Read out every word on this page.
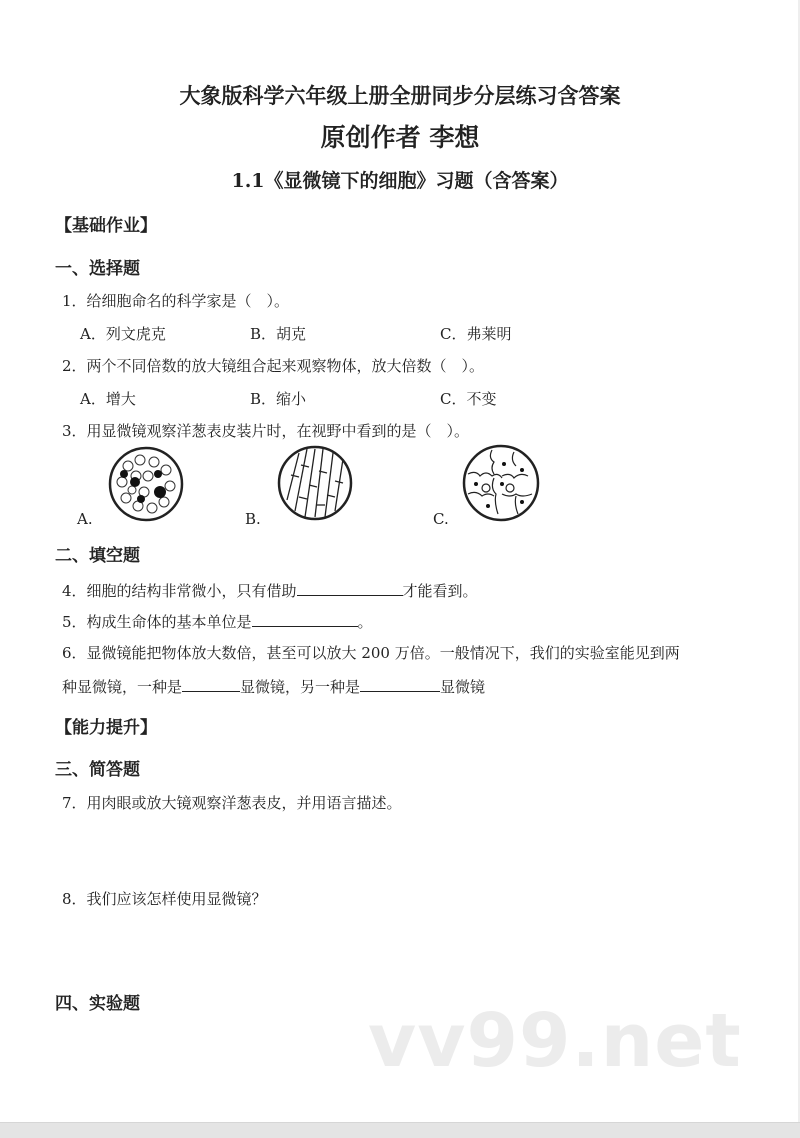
大象版科学六年级上册全册同步分层练习含答案
原创作者 李想
1.1《显微镜下的细胞》习题（含答案）
【基础作业】
一、选择题
1．给细胞命名的科学家是（　）。
A．列文虎克	B．胡克	C．弗莱明
2．两个不同倍数的放大镜组合起来观察物体，放大倍数（　）。
A．增大	B．缩小	C．不变
3．用显微镜观察洋葱表皮装片时，在视野中看到的是（　）。
A.	B.	C.
二、填空题
4．细胞的结构非常微小，只有借助	才能看到。
5．构成生命体的基本单位是	。
6．显微镜能把物体放大数倍，甚至可以放大 200 万倍。一般情况下，我们的实验室能见到两
种显微镜，一种是	显微镜，另一种是	显微镜
【能力提升】
三、简答题
7．用肉眼或放大镜观察洋葱表皮，并用语言描述。
8．我们应该怎样使用显微镜？
四、实验题	vv99.net
